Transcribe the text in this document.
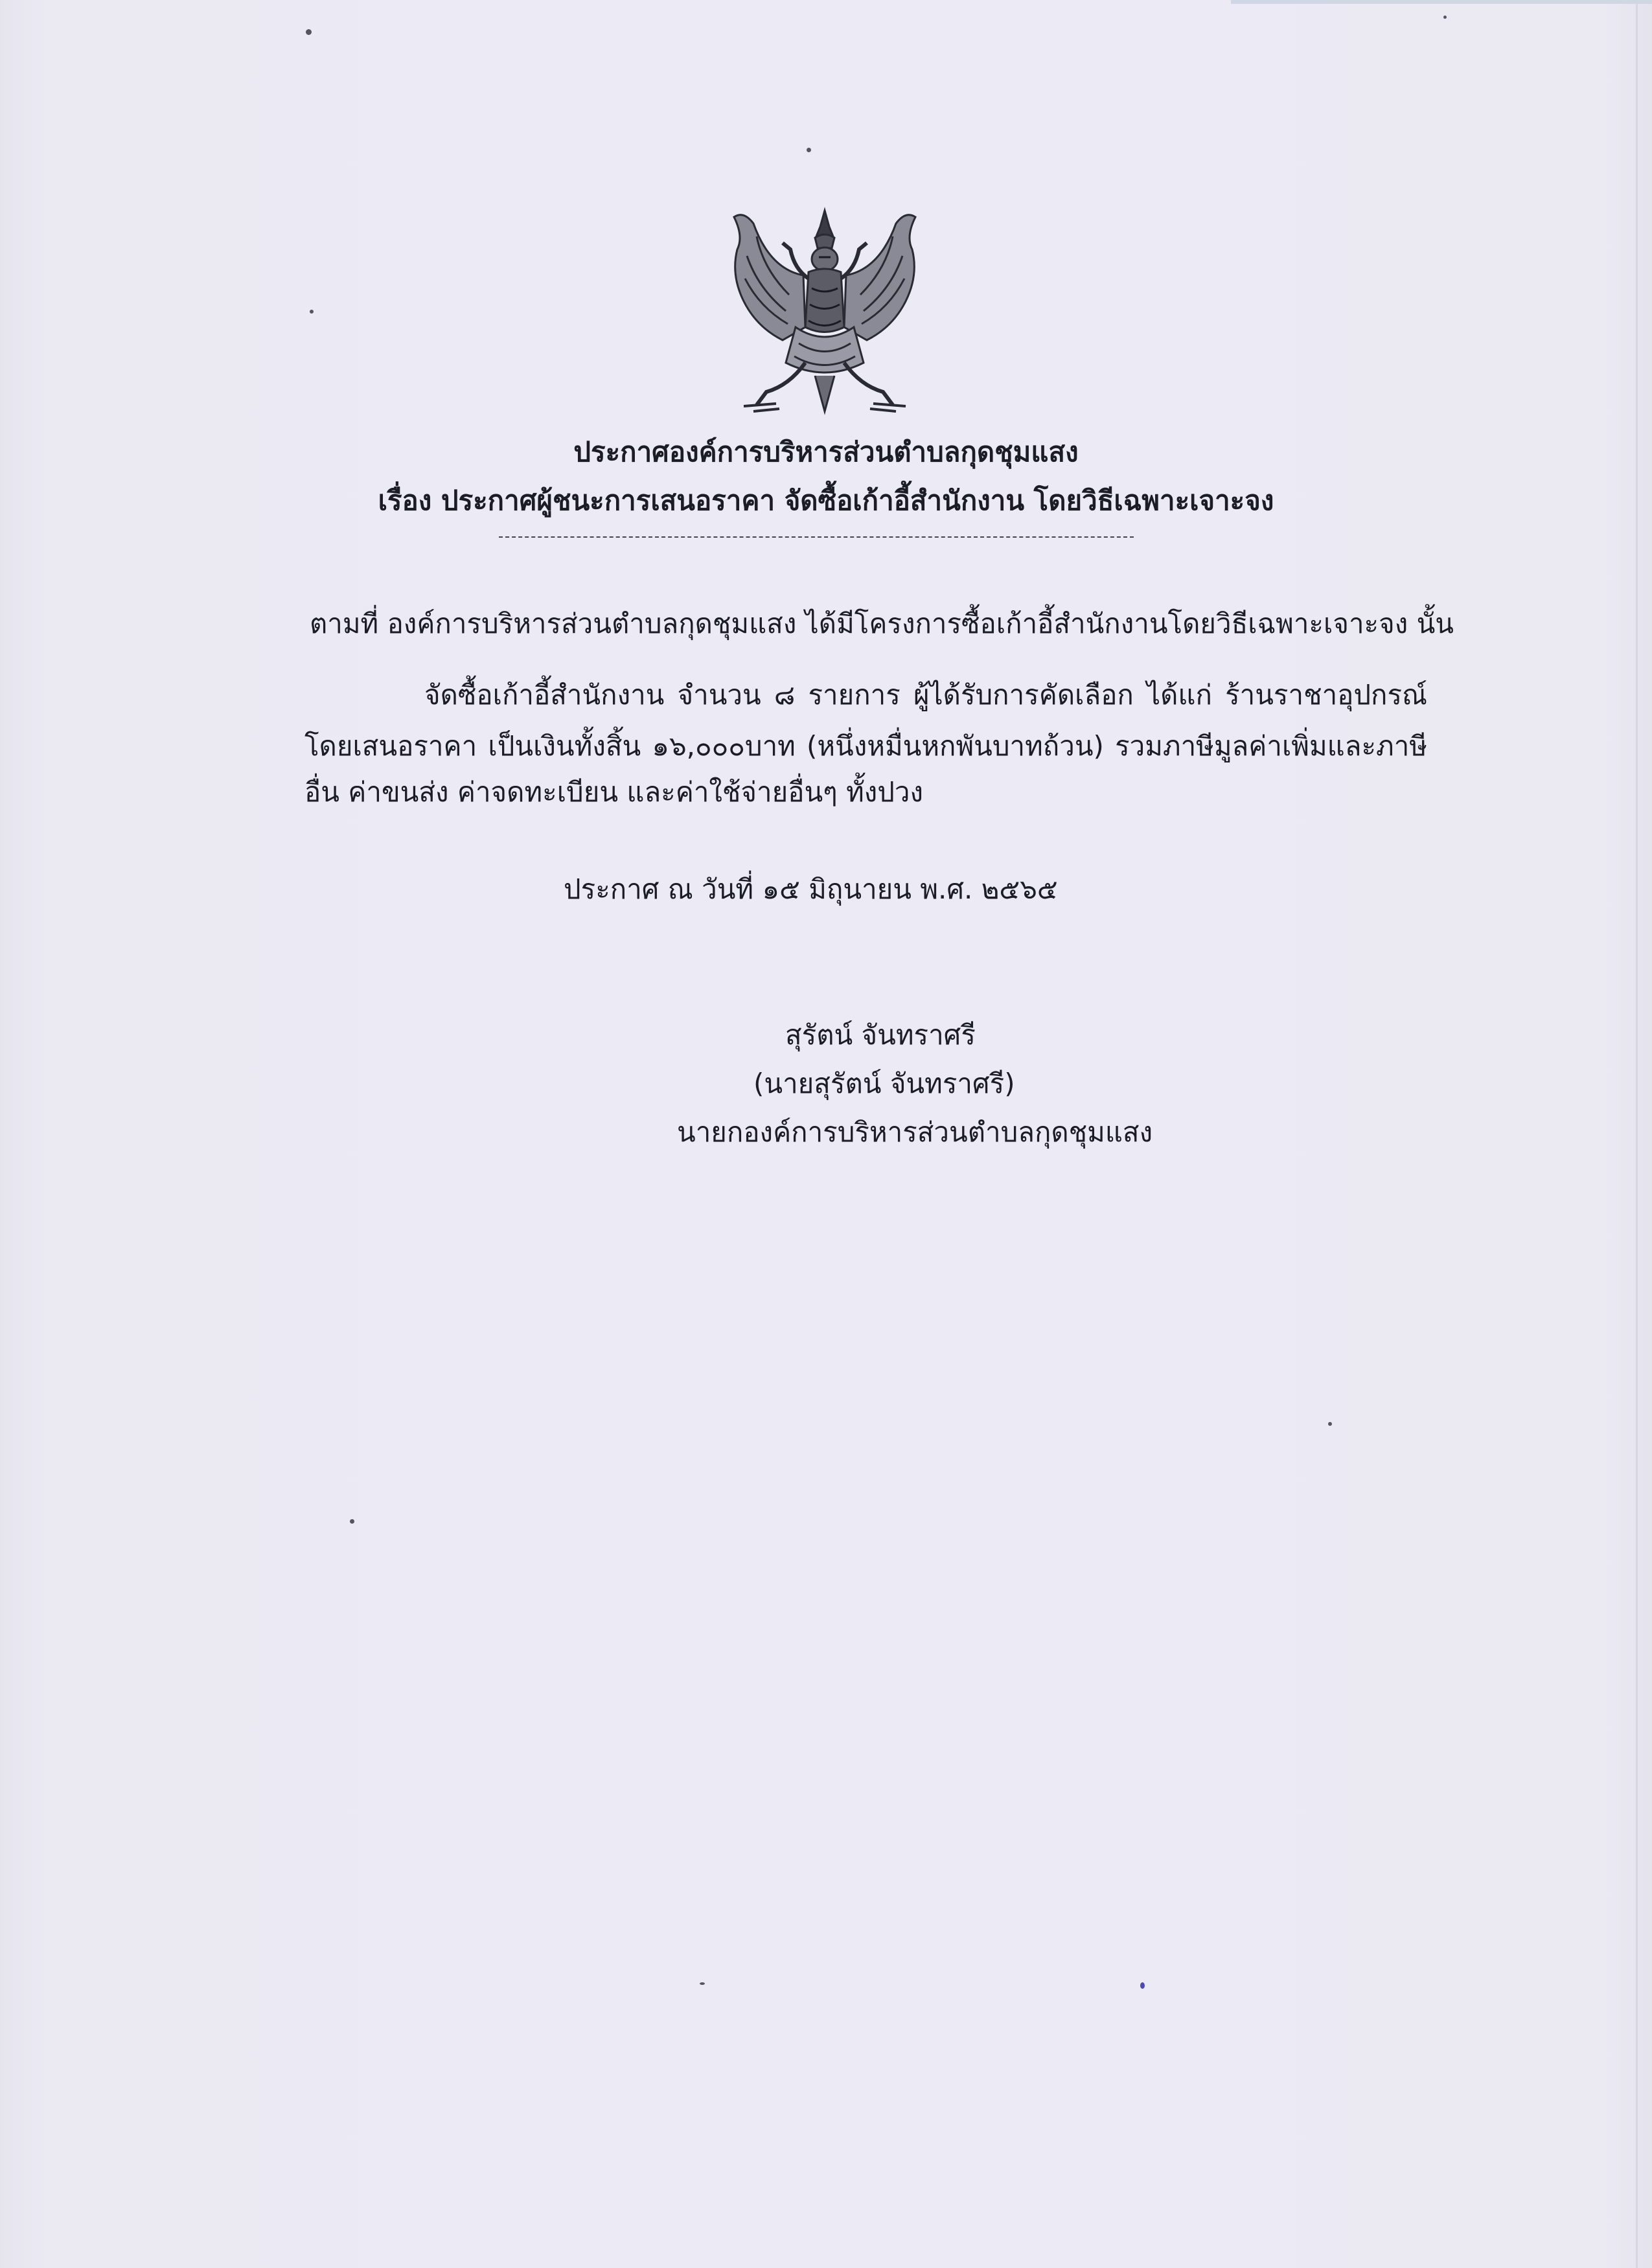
ประกาศองค์การบริหารส่วนตำบลกุดชุมแสง
เรื่อง ประกาศผู้ชนะการเสนอราคา จัดซื้อเก้าอี้สำนักงาน โดยวิธีเฉพาะเจาะจง
ตามที่ องค์การบริหารส่วนตำบลกุดชุมแสง ได้มีโครงการซื้อเก้าอี้สำนักงานโดยวิธีเฉพาะเจาะจง นั้น
จัดซื้อเก้าอี้สำนักงาน จำนวน ๘ รายการ ผู้ได้รับการคัดเลือก ได้แก่ ร้านราชาอุปกรณ์
โดยเสนอราคา เป็นเงินทั้งสิ้น ๑๖,๐๐๐บาท (หนึ่งหมื่นหกพันบาทถ้วน) รวมภาษีมูลค่าเพิ่มและภาษี
อื่น ค่าขนส่ง ค่าจดทะเบียน และค่าใช้จ่ายอื่นๆ ทั้งปวง
ประกาศ ณ วันที่ ๑๕ มิถุนายน พ.ศ. ๒๕๖๕
สุรัตน์ จันทราศรี
(นายสุรัตน์ จันทราศรี)
นายกองค์การบริหารส่วนตำบลกุดชุมแสง
